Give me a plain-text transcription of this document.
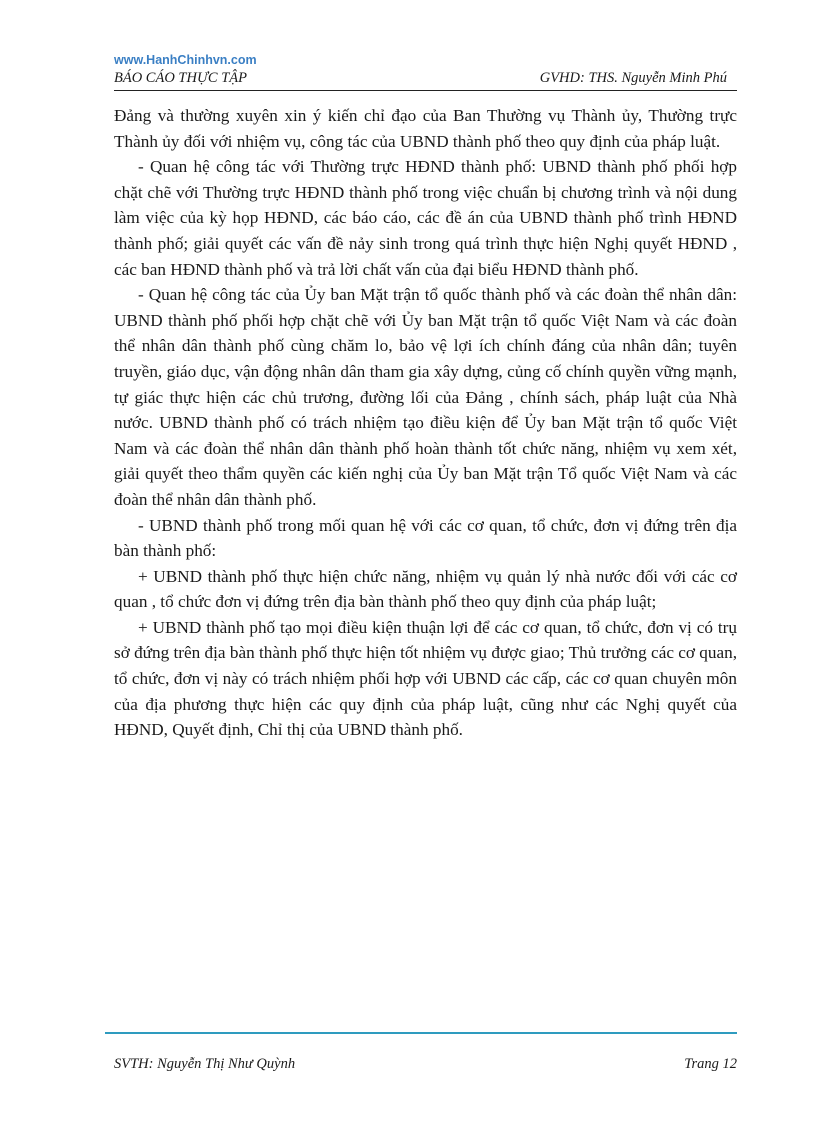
www.HanhChinhvn.com
BÁO CÁO THỰC TẬP	GVHD: THS. Nguyễn Minh Phú

Đảng và thường xuyên xin ý kiến chỉ đạo của Ban Thường vụ Thành ủy, Thường trực Thành ủy đối với nhiệm vụ, công tác của UBND thành phố theo quy định của pháp luật.

- Quan hệ công tác với Thường trực HĐND thành phố: UBND thành phố phối hợp chặt chẽ với Thường trực HĐND thành phố trong việc chuẩn bị chương trình và nội dung làm việc của kỳ họp HĐND, các báo cáo, các đề án của UBND thành phố trình HĐND thành phố; giải quyết các vấn đề nảy sinh trong quá trình thực hiện Nghị quyết HĐND , các ban HĐND thành phố và trả lời chất vấn của đại biểu HĐND thành phố.

- Quan hệ công tác của Ủy ban Mặt trận tổ quốc thành phố và các đoàn thể nhân dân: UBND thành phố phối hợp chặt chẽ với Ủy ban Mặt trận tổ quốc Việt Nam và các đoàn thể nhân dân thành phố cùng chăm lo, bảo vệ lợi ích chính đáng của nhân dân; tuyên truyền, giáo dục, vận động nhân dân tham gia xây dựng, củng cố chính quyền vững mạnh, tự giác thực hiện các chủ trương, đường lối của Đảng , chính sách, pháp luật của Nhà nước. UBND thành phố có trách nhiệm tạo điều kiện để Ủy ban Mặt trận tổ quốc Việt Nam và các đoàn thể nhân dân thành phố hoàn thành tốt chức năng, nhiệm vụ xem xét, giải quyết theo thẩm quyền các kiến nghị của Ủy ban Mặt trận Tổ quốc Việt Nam và các đoàn thể nhân dân thành phố.

- UBND thành phố trong mối quan hệ với các cơ quan, tổ chức, đơn vị đứng trên địa bàn thành phố:

+ UBND thành phố thực hiện chức năng, nhiệm vụ quản lý nhà nước đối với các cơ quan , tổ chức đơn vị đứng trên địa bàn thành phố theo quy định của pháp luật;

+ UBND thành phố tạo mọi điều kiện thuận lợi để các cơ quan, tổ chức, đơn vị có trụ sở đứng trên địa bàn thành phố thực hiện tốt nhiệm vụ được giao; Thủ trưởng các cơ quan, tổ chức, đơn vị này có trách nhiệm phối hợp với UBND các cấp, các cơ quan chuyên môn của địa phương thực hiện các quy định của pháp luật, cũng như các Nghị quyết của HĐND, Quyết định, Chỉ thị của UBND thành phố.

SVTH: Nguyễn Thị Như Quỳnh	Trang 12
